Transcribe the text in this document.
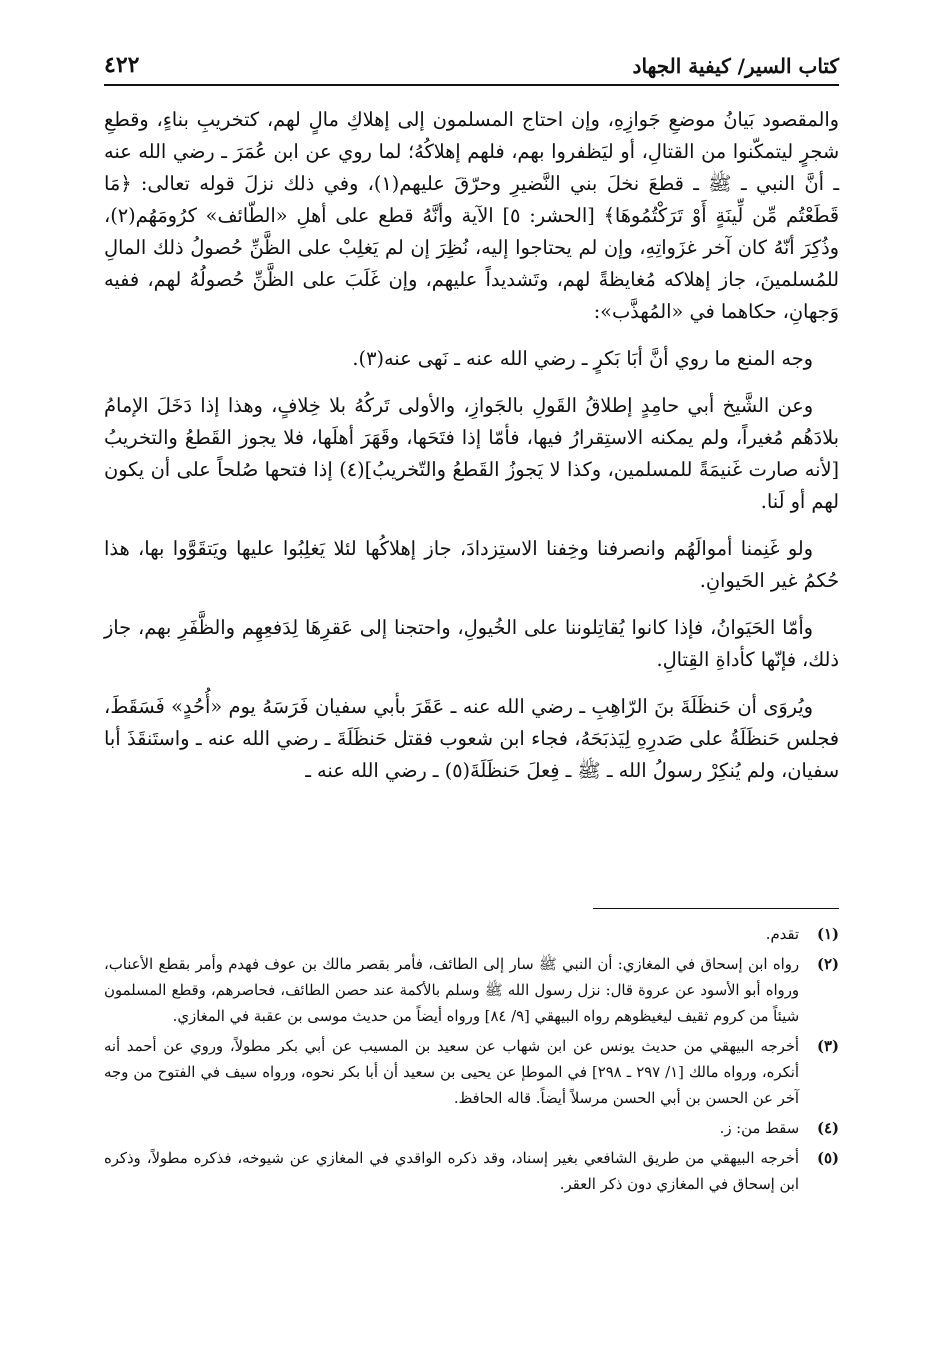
كتاب السير/ كيفية الجهاد
٤٢٢

والمقصود بَيانُ موضعِ جَوازِهِ، وإن احتاج المسلمون إلى إهلاكِ مالٍ لهم، كتخريبِ بناءٍ، وقطعِ شجرٍ ليتمكّنوا من القتالِ، أو ليَظفروا بهم، فلهم إهلاكُهُ؛ لما روي عن ابن عُمَرَ ـ رضي الله عنه ـ أنَّ النبي ـ ﷺ ـ قطعَ نخلَ بني النَّضيرِ وحرّقَ عليهم(١)، وفي ذلك نزلَ قوله تعالى: ﴿مَا قَطَعْتُم مِّن لِّينَةٍ أَوْ تَرَكْتُمُوهَا﴾ [الحشر: ٥] الآية وأنَّهُ قطع على أهلِ «الطّائف» كرُومَهُم(٢)، وذُكِرَ أنّهُ كان آخر غزَواتِهِ، وإن لم يحتاجوا إليه، نُظِرَ إن لم يَغلِبْ على الظَّنِّ حُصولُ ذلك المالِ للمُسلمينَ، جاز إهلاكه مُغايظةً لهم، وتَشديداً عليهم، وإن غَلَبَ على الظَّنِّ حُصولُهُ لهم، ففيه وَجهانِ، حكاهما في «المُهذَّب»:

وجه المنع ما روي أنَّ أبَا بَكرٍ ـ رضي الله عنه ـ نَهى عنه(٣).

وعن الشَّيخ أبي حامِدٍ إطلاقُ القَولِ بالجَوازِ، والأولى تَركُهُ بلا خِلافٍ، وهذا إذا دَخَلَ الإمامُ بلادَهُم مُغيراً، ولم يمكنه الاستِقرارُ فيها، فأمّا إذا فتَحَها، وقَهَرَ أهلَها، فلا يجوز القَطعُ والتخريبُ [لأنه صارت غَنيمَةً للمسلمين، وكذا لا يَجوزُ القَطعُ والتّخريبُ](٤) إذا فتحها صُلحاً على أن يكون لهم أو لَنا.

ولو غَنِمنا أموالَهُم وانصرفنا وخِفنا الاستِزدادَ، جاز إهلاكُها لئلا يَغلِبُوا عليها ويَتقَوَّوا بها، هذا حُكمُ غير الحَيوانِ.

وأمّا الحَيَوانُ، فإذا كانوا يُقاتِلوننا على الخُيولِ، واحتجنا إلى عَقرِهَا لِدَفعِهِم والظَّفَرِ بهم، جاز ذلك، فإنّها كأداةِ القِتالِ.

ويُروَى أن حَنظَلَةَ بنَ الرّاهِبِ ـ رضي الله عنه ـ عَقَرَ بأبي سفيان فَرَسَهُ يوم «أُحُدٍ» فَسَقَطَ، فجلس حَنظَلَةُ على صَدرِهِ لِيَذبَحَهُ، فجاء ابن شعوب فقتل حَنظَلَةَ ـ رضي الله عنه ـ واستَنقَذَ أبا سفيان، ولم يُنكِرْ رسولُ الله ـ ﷺ ـ فِعلَ حَنظَلَةَ(٥) ـ رضي الله عنه ـ

(١)
تقدم.
(٢)
رواه ابن إسحاق في المغازي: أن النبي ﷺ سار إلى الطائف، فأمر بقصر مالك بن عوف فهدم وأمر بقطع الأعناب، ورواه أبو الأسود عن عروة قال: نزل رسول الله ﷺ وسلم بالأكمة عند حصن الطائف، فحاصرهم، وقطع المسلمون شيئاً من كروم ثقيف ليغيظوهم رواه البيهقي [٩/ ٨٤] ورواه أيضاً من حديث موسى بن عقبة في المغازي.
(٣)
أخرجه البيهقي من حديث يونس عن ابن شهاب عن سعيد بن المسيب عن أبي بكر مطولاً، وروي عن أحمد أنه أنكره، ورواه مالك [١/ ٢٩٧ ـ ٢٩٨] في الموطإ عن يحيى بن سعيد أن أبا بكر نحوه، ورواه سيف في الفتوح من وجه آخر عن الحسن بن أبي الحسن مرسلاً أيضاً. قاله الحافظ.
(٤)
سقط من: ز.
(٥)
أخرجه البيهقي من طريق الشافعي بغير إسناد، وقد ذكره الواقدي في المغازي عن شيوخه، فذكره مطولاً، وذكره ابن إسحاق في المغازي دون ذكر العقر.
